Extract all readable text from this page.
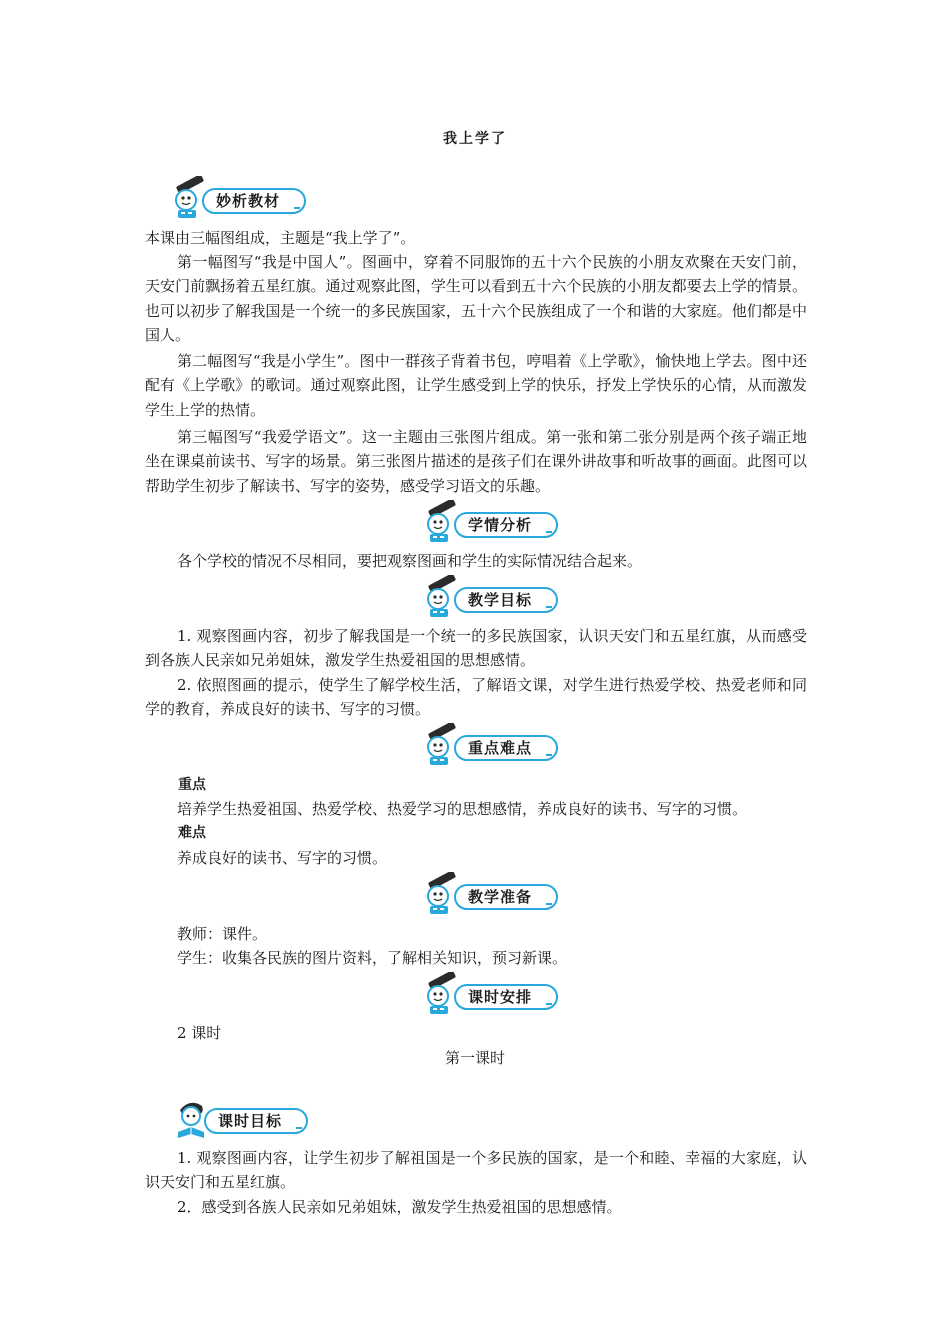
我上学了
妙析教材

本课由三幅图组成，主题是“我上学了”。

第一幅图写“我是中国人”。图画中，穿着不同服饰的五十六个民族的小朋友欢聚在天安门前，天安门前飘扬着五星红旗。通过观察此图，学生可以看到五十六个民族的小朋友都要去上学的情景。也可以初步了解我国是一个统一的多民族国家，五十六个民族组成了一个和谐的大家庭。他们都是中国人。

第二幅图写“我是小学生”。图中一群孩子背着书包，哼唱着《上学歌》，愉快地上学去。图中还配有《上学歌》的歌词。通过观察此图，让学生感受到上学的快乐，抒发上学快乐的心情，从而激发学生上学的热情。

第三幅图写“我爱学语文”。这一主题由三张图片组成。第一张和第二张分别是两个孩子端正地坐在课桌前读书、写字的场景。第三张图片描述的是孩子们在课外讲故事和听故事的画面。此图可以帮助学生初步了解读书、写字的姿势，感受学习语文的乐趣。

学情分析

各个学校的情况不尽相同，要把观察图画和学生的实际情况结合起来。

教学目标

1. 观察图画内容，初步了解我国是一个统一的多民族国家，认识天安门和五星红旗，从而感受到各族人民亲如兄弟姐妹，激发学生热爱祖国的思想感情。

2. 依照图画的提示，使学生了解学校生活，了解语文课，对学生进行热爱学校、热爱老师和同学的教育，养成良好的读书、写字的习惯。

重点难点

重点

培养学生热爱祖国、热爱学校、热爱学习的思想感情，养成良好的读书、写字的习惯。

难点

养成良好的读书、写字的习惯。

教学准备

教师：课件。

学生：收集各民族的图片资料，了解相关知识，预习新课。

课时安排

2 课时

第一课时
课时目标

1. 观察图画内容，让学生初步了解祖国是一个多民族的国家，是一个和睦、幸福的大家庭，认识天安门和五星红旗。

2．感受到各族人民亲如兄弟姐妹，激发学生热爱祖国的思想感情。
